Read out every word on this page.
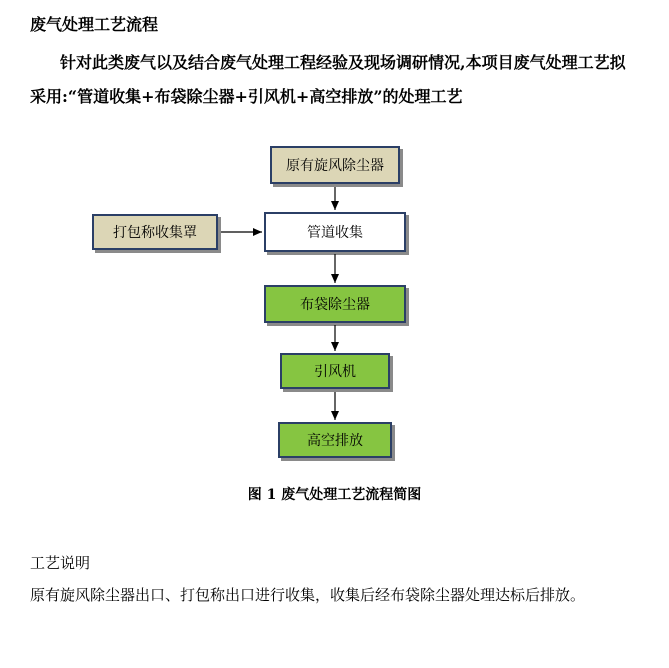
废气处理工艺流程
针对此类废气以及结合废气处理工程经验及现场调研情况,本项目废气处理工艺拟采用:“管道收集+布袋除尘器+引风机+高空排放”的处理工艺
原有旋风除尘器
打包称收集罩	管道收集
布袋除尘器
引风机
高空排放
图 1 废气处理工艺流程简图
工艺说明
原有旋风除尘器出口、打包称出口进行收集，收集后经布袋除尘器处理达标后排放。
